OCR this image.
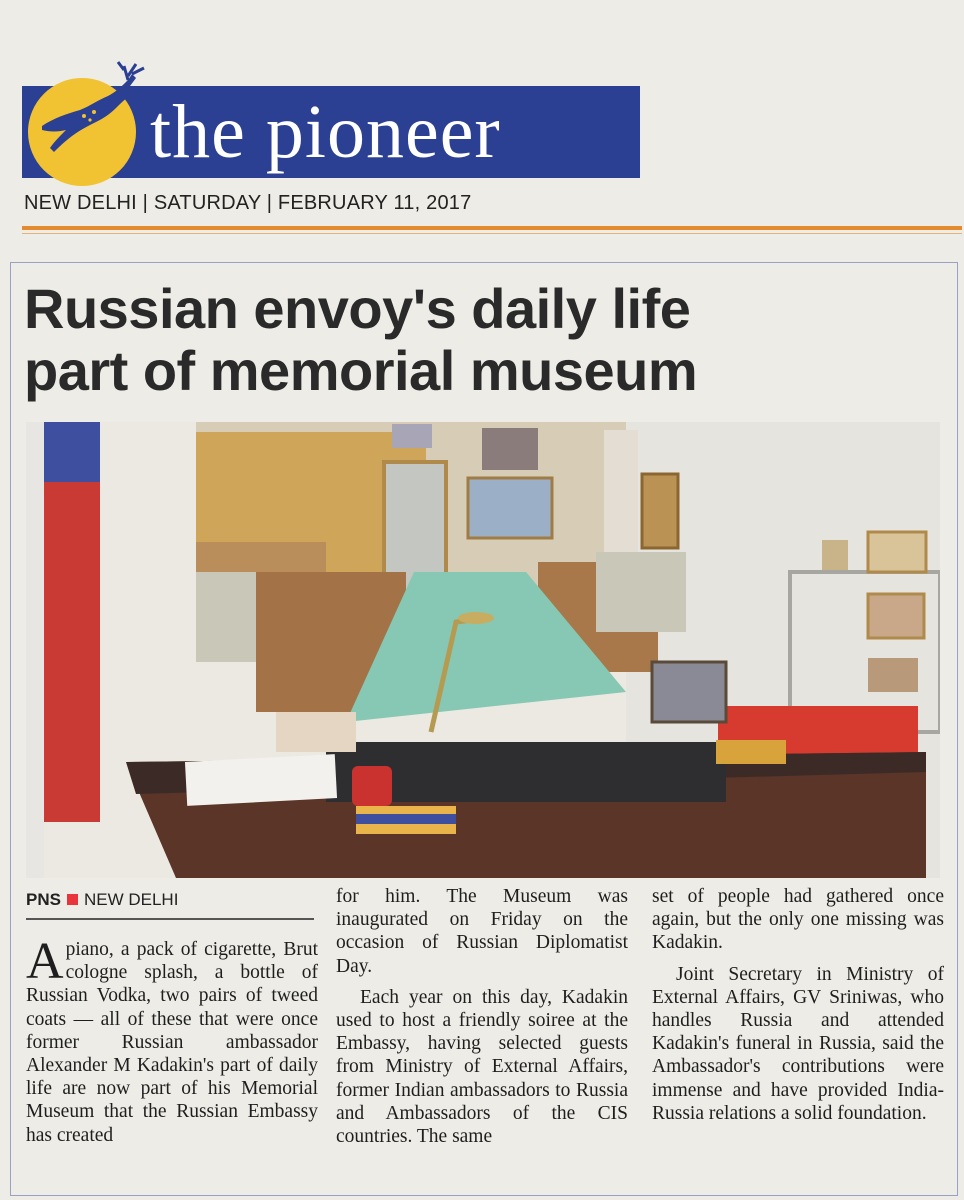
the pioneer
NEW DELHI | SATURDAY | FEBRUARY 11, 2017
Russian envoy's daily life
part of memorial museum
PNS NEW DELHI

Apiano, a pack of cigarette, Brut cologne splash, a bottle of Russian Vodka, two pairs of tweed coats — all of these that were once former Russian ambassador Alexander M Kadakin's part of daily life are now part of his Memorial Museum that the Russian Embassy has created

for him. The Museum was inaugurated on Friday on the occasion of Russian Diplomatist Day.

Each year on this day, Kadakin used to host a friendly soiree at the Embassy, having selected guests from Ministry of External Affairs, former Indian ambassadors to Russia and Ambassadors of the CIS countries. The same

set of people had gathered once again, but the only one missing was Kadakin.

Joint Secretary in Ministry of External Affairs, GV Sriniwas, who handles Russia and attended Kadakin's funeral in Russia, said the Ambassador's contributions were immense and have provided India-Russia relations a solid foundation.
